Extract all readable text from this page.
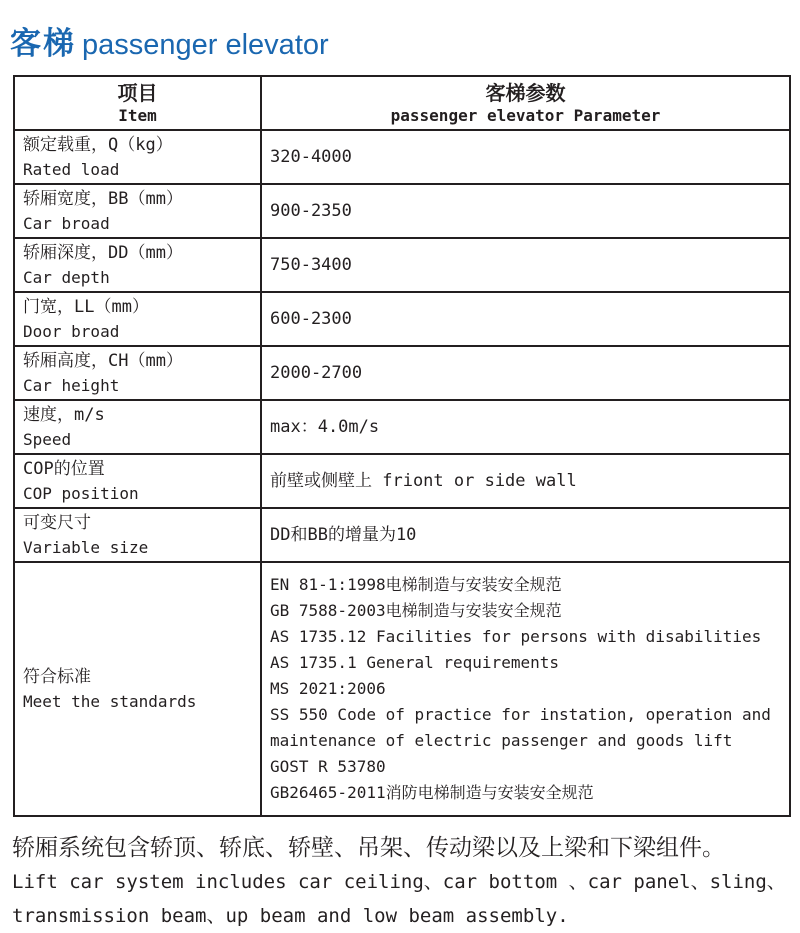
客梯 passenger elevator
项目
Item	客梯参数
passenger elevator Parameter

额定载重，Q（kg）
Rated load	320-4000

轿厢宽度，BB（mm）
Car broad	900-2350

轿厢深度，DD（mm）
Car depth	750-3400

门宽，LL（mm）
Door broad	600-2300

轿厢高度，CH（mm）
Car height	2000-2700

速度，m/s
Speed	max：4.0m/s

COP的位置
COP position	前壁或侧壁上 friont or side wall

可变尺寸
Variable size	DD和BB的增量为10

符合标准
Meet the standards
	EN 81-1:1998电梯制造与安装安全规范
GB 7588-2003电梯制造与安装安全规范
AS 1735.12 Facilities for persons with disabilities
AS 1735.1 General requirements
MS 2021:2006
SS 550 Code of practice for instation, operation and
maintenance of electric passenger and goods lift
GOST R 53780
GB26465-2011消防电梯制造与安装安全规范
轿厢系统包含轿顶、轿底、轿壁、吊架、传动梁以及上梁和下梁组件。
Lift car system includes car ceiling、car bottom 、car panel、sling、
transmission beam、up beam and low beam assembly.
